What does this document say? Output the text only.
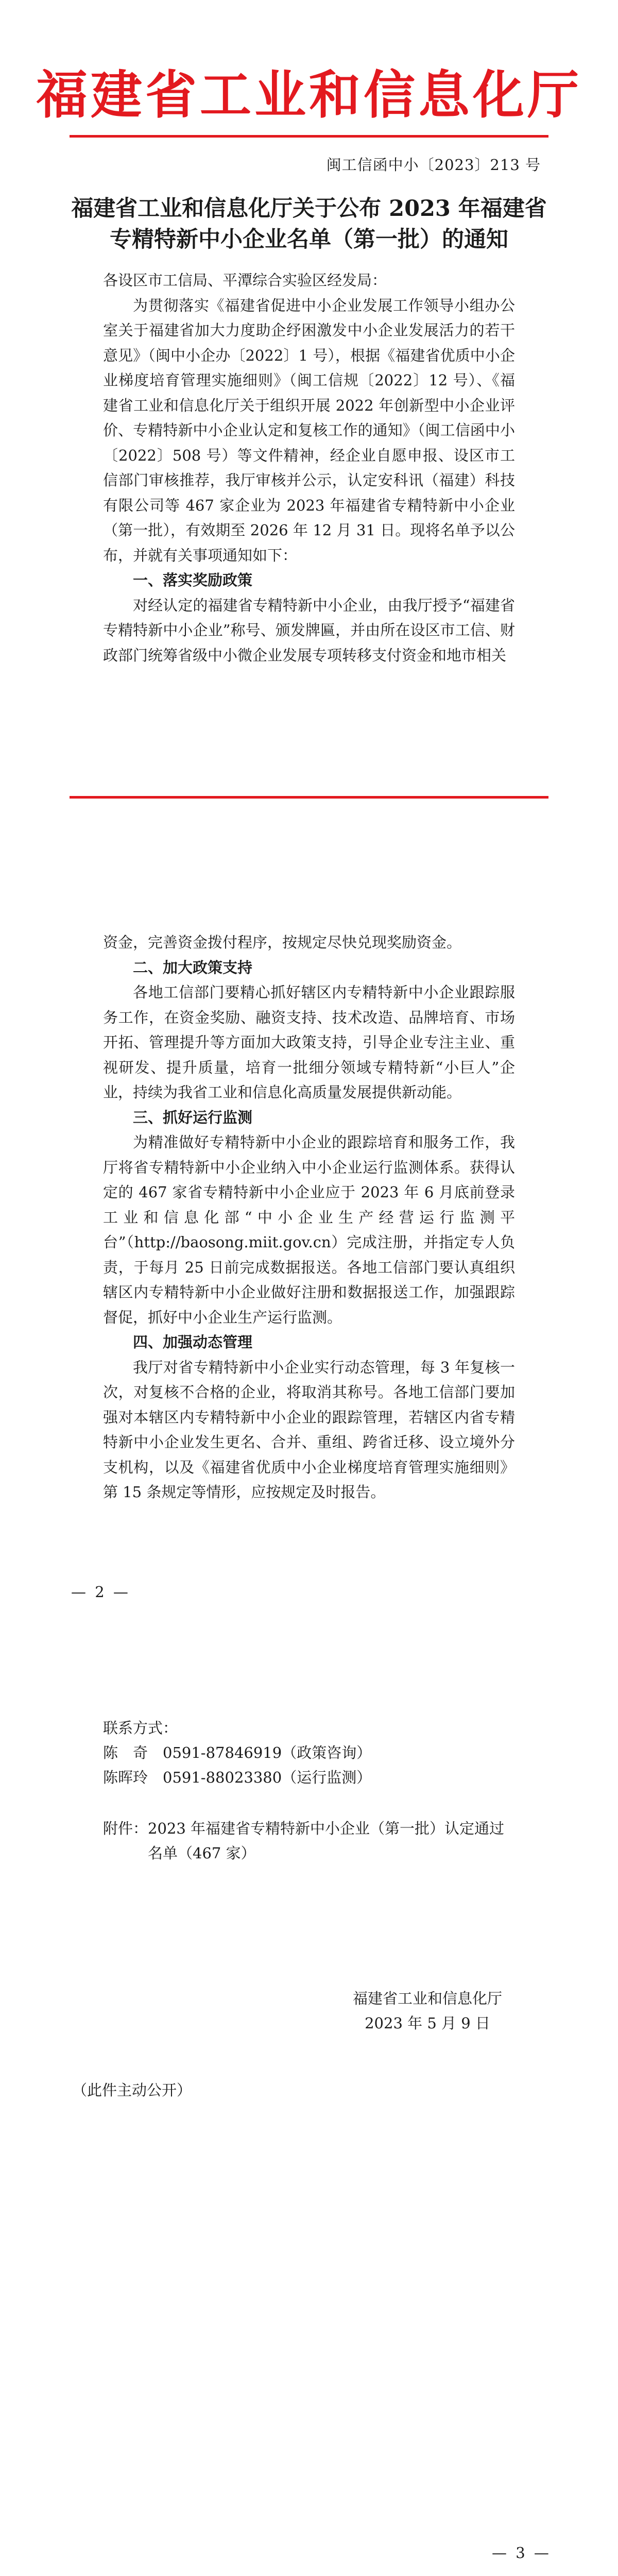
福建省工业和信息化厅
闽工信函中小〔2023〕213 号
福建省工业和信息化厅关于公布 2023 年福建省
专精特新中小企业名单（第一批）的通知

各设区市工信局、平潭综合实验区经发局：

为贯彻落实《福建省促进中小企业发展工作领导小组办公室关于福建省加大力度助企纾困激发中小企业发展活力的若干意见》（闽中小企办〔2022〕1 号），根据《福建省优质中小企业梯度培育管理实施细则》（闽工信规〔2022〕12 号）、《福建省工业和信息化厅关于组织开展 2022 年创新型中小企业评价、专精特新中小企业认定和复核工作的通知》（闽工信函中小〔2022〕508 号）等文件精神，经企业自愿申报、设区市工信部门审核推荐，我厅审核并公示，认定安科讯（福建）科技有限公司等 467 家企业为 2023 年福建省专精特新中小企业（第一批），有效期至 2026 年 12 月 31 日。现将名单予以公布，并就有关事项通知如下：

一、落实奖励政策

对经认定的福建省专精特新中小企业，由我厅授予“福建省专精特新中小企业”称号、颁发牌匾，并由所在设区市工信、财政部门统筹省级中小微企业发展专项转移支付资金和地市相关

资金，完善资金拨付程序，按规定尽快兑现奖励资金。

二、加大政策支持

各地工信部门要精心抓好辖区内专精特新中小企业跟踪服务工作，在资金奖励、融资支持、技术改造、品牌培育、市场开拓、管理提升等方面加大政策支持，引导企业专注主业、重视研发、提升质量，培育一批细分领域专精特新“小巨人”企业，持续为我省工业和信息化高质量发展提供新动能。

三、抓好运行监测

为精准做好专精特新中小企业的跟踪培育和服务工作，我厅将省专精特新中小企业纳入中小企业运行监测体系。获得认定的 467 家省专精特新中小企业应于 2023 年 6 月底前登录工业和信息化部“中小企业生产经营运行监测平台”（http://baosong.miit.gov.cn）完成注册，并指定专人负责，于每月 25 日前完成数据报送。各地工信部门要认真组织辖区内专精特新中小企业做好注册和数据报送工作，加强跟踪督促，抓好中小企业生产运行监测。

四、加强动态管理

我厅对省专精特新中小企业实行动态管理，每 3 年复核一次，对复核不合格的企业，将取消其称号。各地工信部门要加强对本辖区内专精特新中小企业的跟踪管理，若辖区内省专精特新中小企业发生更名、合并、重组、跨省迁移、设立境外分支机构，以及《福建省优质中小企业梯度培育管理实施细则》第 15 条规定等情形，应按规定及时报告。

— 2 —
联系方式：
陈　奇　0591-87846919（政策咨询）
陈晖玲　0591-88023380（运行监测）
附件：2023 年福建省专精特新中小企业（第一批）认定通过
名单（467 家）
福建省工业和信息化厅
2023 年 5 月 9 日
（此件主动公开）
— 3 —
